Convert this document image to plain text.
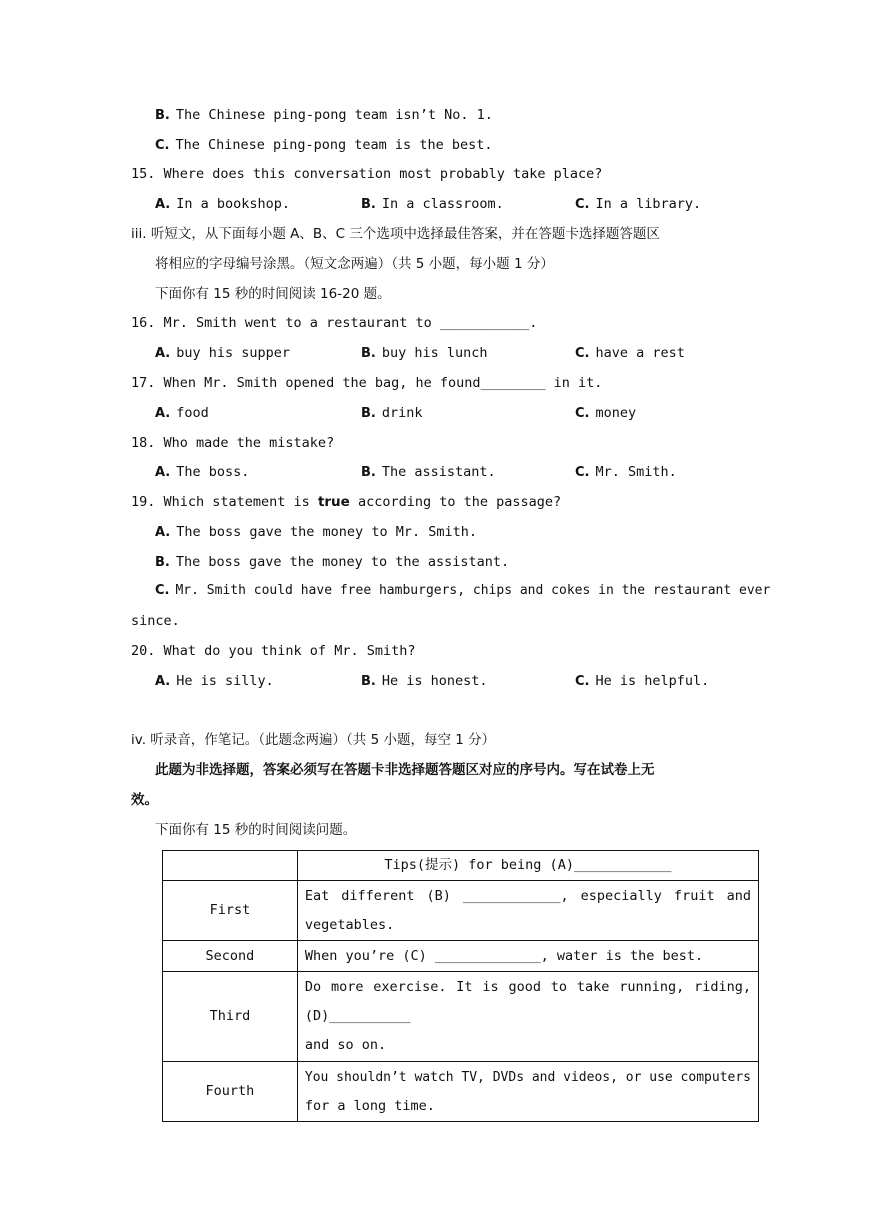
B. The Chinese ping-pong team isn’t No. 1.
C. The Chinese ping-pong team is the best.
15. Where does this conversation most probably take place?
A. In a bookshop.	B. In a classroom.	C. In a library.
iii. 听短文，从下面每小题 A、B、C 三个选项中选择最佳答案，并在答题卡选择题答题区
将相应的字母编号涂黑。（短文念两遍）（共 5 小题，每小题 1 分）
下面你有 15 秒的时间阅读 16-20 题。
16. Mr. Smith went to a restaurant to ___________.
A. buy his supper	B. buy his lunch	C. have a rest
17. When Mr. Smith opened the bag, he found________ in it.
A. food	B. drink	C. money
18. Who made the mistake?
A. The boss.	B. The assistant.	C. Mr. Smith.
19. Which statement is true according to the passage?
A. The boss gave the money to Mr. Smith.
B. The boss gave the money to the assistant.
C. Mr. Smith could have free hamburgers, chips and cokes in the restaurant ever
since.
20. What do you think of Mr. Smith?
A. He is silly.	B. He is honest.	C. He is helpful.
iv. 听录音，作笔记。（此题念两遍）（共 5 小题，每空 1 分）
此题为非选择题，答案必须写在答题卡非选择题答题区对应的序号内。写在试卷上无
效。
下面你有 15 秒的时间阅读问题。
	Tips(提示) for being (A)____________
First	Eat different (B) ____________, especially fruit and
vegetables.

Second	When you’re (C) _____________, water is the best.

Third	Do more exercise. It is good to take running, riding,
(D)__________
and so on.

Fourth	You shouldn’t watch TV, DVDs and videos, or use computers
for a long time.
